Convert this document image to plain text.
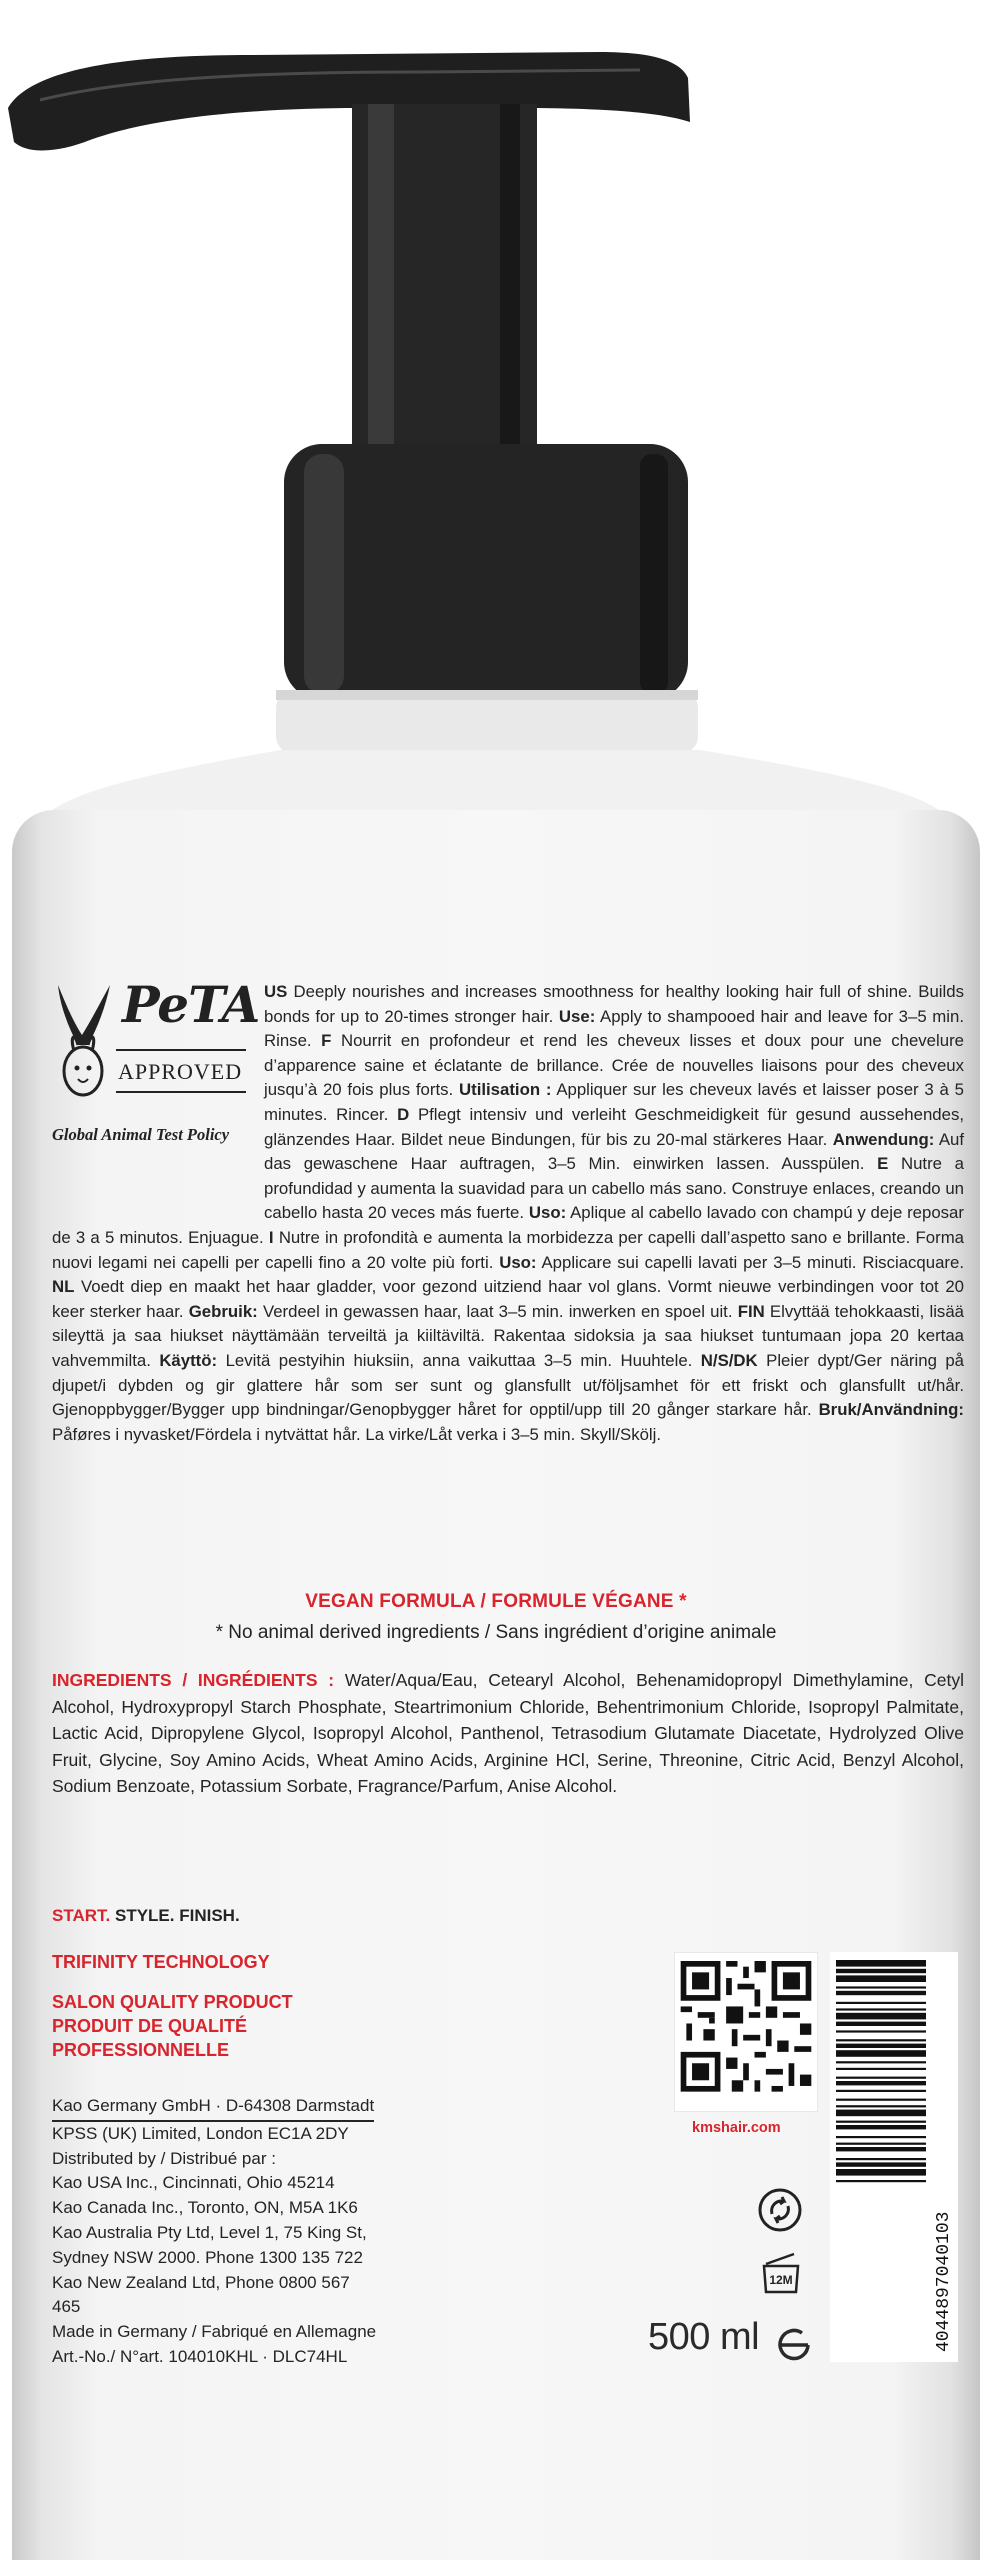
PeTA
APPROVED
Global Animal Test Policy
US Deeply nourishes and increases smoothness for healthy looking hair full of shine. Builds bonds for up to 20-times stronger hair. Use: Apply to shampooed hair and leave for 3–5 min. Rinse. F Nourrit en profondeur et rend les cheveux lisses et doux pour une chevelure d’apparence saine et éclatante de brillance. Crée de nouvelles liaisons pour des cheveux jusqu’à 20 fois plus forts. Utilisation : Appliquer sur les cheveux lavés et laisser poser 3 à 5 minutes. Rincer. D Pflegt intensiv und verleiht Geschmeidigkeit für gesund aussehendes, glänzendes Haar. Bildet neue Bindungen, für bis zu 20-mal stärkeres Haar. Anwendung: Auf das gewaschene Haar auftragen, 3–5 Min. einwirken lassen. Ausspülen. E Nutre a profundidad y aumenta la suavidad para un cabello más sano. Construye enlaces, creando un cabello hasta 20 veces más fuerte. Uso: Aplique al cabello lavado con champú y deje reposar de 3 a 5 minutos. Enjuague. I Nutre in profondità e aumenta la morbidezza per capelli dall’aspetto sano e brillante. Forma nuovi legami nei capelli per capelli fino a 20 volte più forti. Uso: Applicare sui capelli lavati per 3–5 minuti. Risciacquare. NL Voedt diep en maakt het haar gladder, voor gezond uitziend haar vol glans. Vormt nieuwe verbindingen voor tot 20 keer sterker haar. Gebruik: Verdeel in gewassen haar, laat 3–5 min. inwerken en spoel uit. FIN Elvyttää tehokkaasti, lisää sileyttä ja saa hiukset näyttämään terveiltä ja kiiltäviltä. Rakentaa sidoksia ja saa hiukset tuntumaan jopa 20 kertaa vahvemmilta. Käyttö: Levitä pestyihin hiuksiin, anna vaikuttaa 3–5 min. Huuhtele. N/S/DK Pleier dypt/Ger näring på djupet/i dybden og gir glattere hår som ser sunt og glansfullt ut/följsamhet för ett friskt och glansfullt ut/hår. Gjenoppbygger/Bygger upp bindningar/Genopbygger håret for opptil/upp till 20 gånger starkare hår. Bruk/Användning: Påføres i nyvasket/Fördela i nytvättat hår. La virke/Låt verka i 3–5 min. Skyll/Skölj.
VEGAN FORMULA / FORMULE VÉGANE *
* No animal derived ingredients / Sans ingrédient d’origine animale
INGREDIENTS / INGRÉDIENTS : Water/Aqua/Eau, Cetearyl Alcohol, Behenamidopropyl Dimethylamine, Cetyl Alcohol, Hydroxypropyl Starch Phosphate, Steartrimonium Chloride, Behentrimonium Chloride, Isopropyl Palmitate, Lactic Acid, Dipropylene Glycol, Isopropyl Alcohol, Panthenol, Tetrasodium Glutamate Diacetate, Hydrolyzed Olive Fruit, Glycine, Soy Amino Acids, Wheat Amino Acids, Arginine HCl, Serine, Threonine, Citric Acid, Benzyl Alcohol, Sodium Benzoate, Potassium Sorbate, Fragrance/Parfum, Anise Alcohol.
START. STYLE. FINISH.
TRIFINITY TECHNOLOGY
SALON QUALITY PRODUCT
PRODUIT DE QUALITÉ
PROFESSIONNELLE
Kao Germany GmbH · D-64308 Darmstadt
KPSS (UK) Limited, London EC1A 2DY
Distributed by / Distribué par :
Kao USA Inc., Cincinnati, Ohio 45214
Kao Canada Inc., Toronto, ON, M5A 1K6
Kao Australia Pty Ltd, Level 1, 75 King St,
Sydney NSW 2000. Phone 1300 135 722
Kao New Zealand Ltd, Phone 0800 567 465
Made in Germany / Fabriqué en Allemagne
Art.-No./ N°art. 104010KHL · DLC74HL
kmshair.com
4044897040103
12M
500 ml
